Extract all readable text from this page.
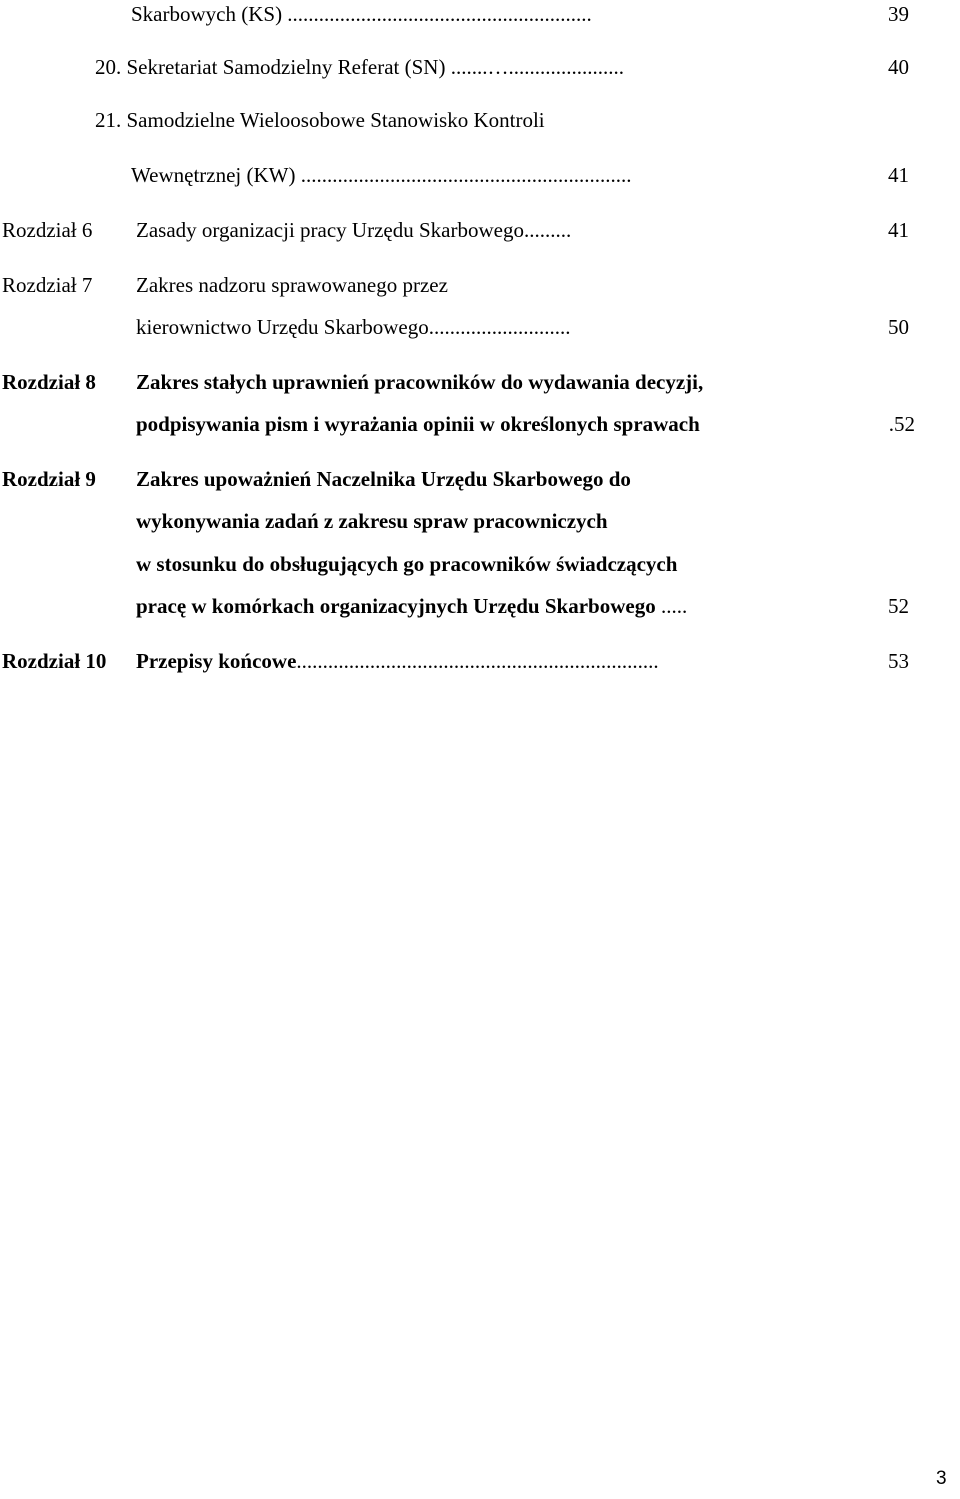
Skarbowych (KS) ..........................................................	39
20. Sekretariat Samodzielny Referat (SN) .......…......................	40
21. Samodzielne Wieloosobowe Stanowisko Kontroli
Wewnętrznej (KW) ...............................................................	41
Rozdział 6 Zasady organizacji pracy Urzędu Skarbowego.........	41
Rozdział 7 Zakres nadzoru sprawowanego przez
kierownictwo Urzędu Skarbowego...........................	50
Rozdział 8 Zakres stałych uprawnień pracowników do wydawania decyzji,
podpisywania pism i wyrażania opinii w określonych sprawach	.52
Rozdział 9 Zakres upoważnień Naczelnika Urzędu Skarbowego do
wykonywania zadań z zakresu spraw pracowniczych
w stosunku do obsługujących go pracowników świadczących
pracę w komórkach organizacyjnych Urzędu Skarbowego .....	52
Rozdział 10 Przepisy końcowe.....................................................................	53
3
